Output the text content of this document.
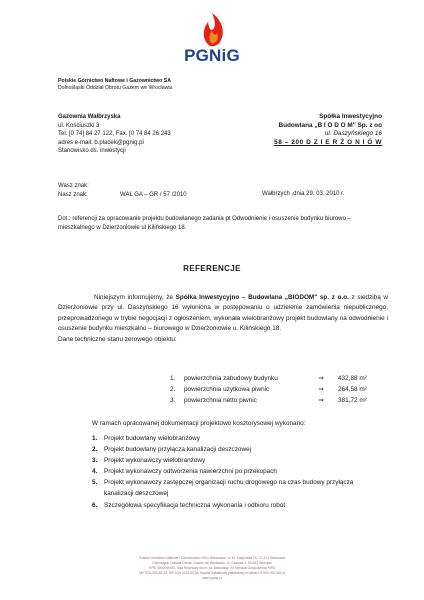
PGNiG
Polskie Górnictwo Naftowe i Gazownictwo SA
Dolnośląski Oddział Obrotu Gazem we Wrocławiu
Gazownia Wałbrzyska
ul. Kościuszki 3
Tel. [0 74] 84 27 122, Fax. [0 74 84 26 243
adres e-mail: b.placek@pgnig.pl
Stanowisko ds. inwestycji
Spółka Inwestycyjno
Budowlana „B I O D O M" Sp. z oo
ul. Daszyńskiego 16
58 – 200 D Z I E R Ż O N I Ó W
Wasz znak:
Nasz znak:	WAL GA – GR / 57 /2010	Wałbrzych ,dnia 29. 03. 2010 r.
Dot.: referencji za opracowanie projektu budowlanego zadania pt Odwodnienie i osuszenie budynku biurowo – mieszkalnego w Dzierżoniowie ul Kilińskiego 18.
REFERENCJE

Niniejszym informujemy, że Spółka Inwestycyjno – Budowlana „BIODOM" sp. z o.o. z siedzibą w Dzierżoniowie przy ul. Daszyńskiego 16 wyłoniona w postępowaniu o udzielenie zamówienia niepublicznego, przeprowadzonego w trybie negocjacji z ogłoszeniem, wykonała wielobranżowy projekt budowlany na odwodnienie i osuszenie budynku mieszkalno – biurowego w Dzierżoniowie u. Kilińskiego 18.

Dane techniczne stanu zerowego obiektu:

1.	powierzchnia zabudowy budynku	⇒	432,88 m²
2.	powierzchnia użytkowa piwnic	⇒	264,58 m²
3.	powierzchnia netto piwnic	⇒	381,72 m²
W ramach opracowanej dokumentacji projektowo kosztorysowej wykonano:
1.	Projekt budowlany wielobranżowy
2.	Projekt budowlany przyłącza kanalizacji deszczowej
3.	Projekt wykonawczy wielobranżowy
4.	Projekt wykonawczy odtworzenia nawierzchni po przekopach
5.	Projekt wykonawczy zastępczej organizacji ruchu drogowego na czas budowy przyłącza kanalizacji deszczowej
6.	Szczegółowa specyfikacja techniczna wykonania i odbioru robót
Polskie Górnictwo Naftowe i Gazownictwo SA w Warszawie, ul. M. Kasprzaka 25, 01-224 Warszawa
Dolnośląski Oddział Obrotu Gazem we Wrocławiu, ul. Gazowa 3, 50-513 Wrocław
KRS 0000059492, Sąd Rejonowy dla m. st. Warszawy, XII Wydział Gospodarczy KRS
NIP 525-000-80-28, REGON 012216736, Kapitał Zakładowy (zakładowy w całości: 5 900 000 000 zł
www.pgnig.pl
